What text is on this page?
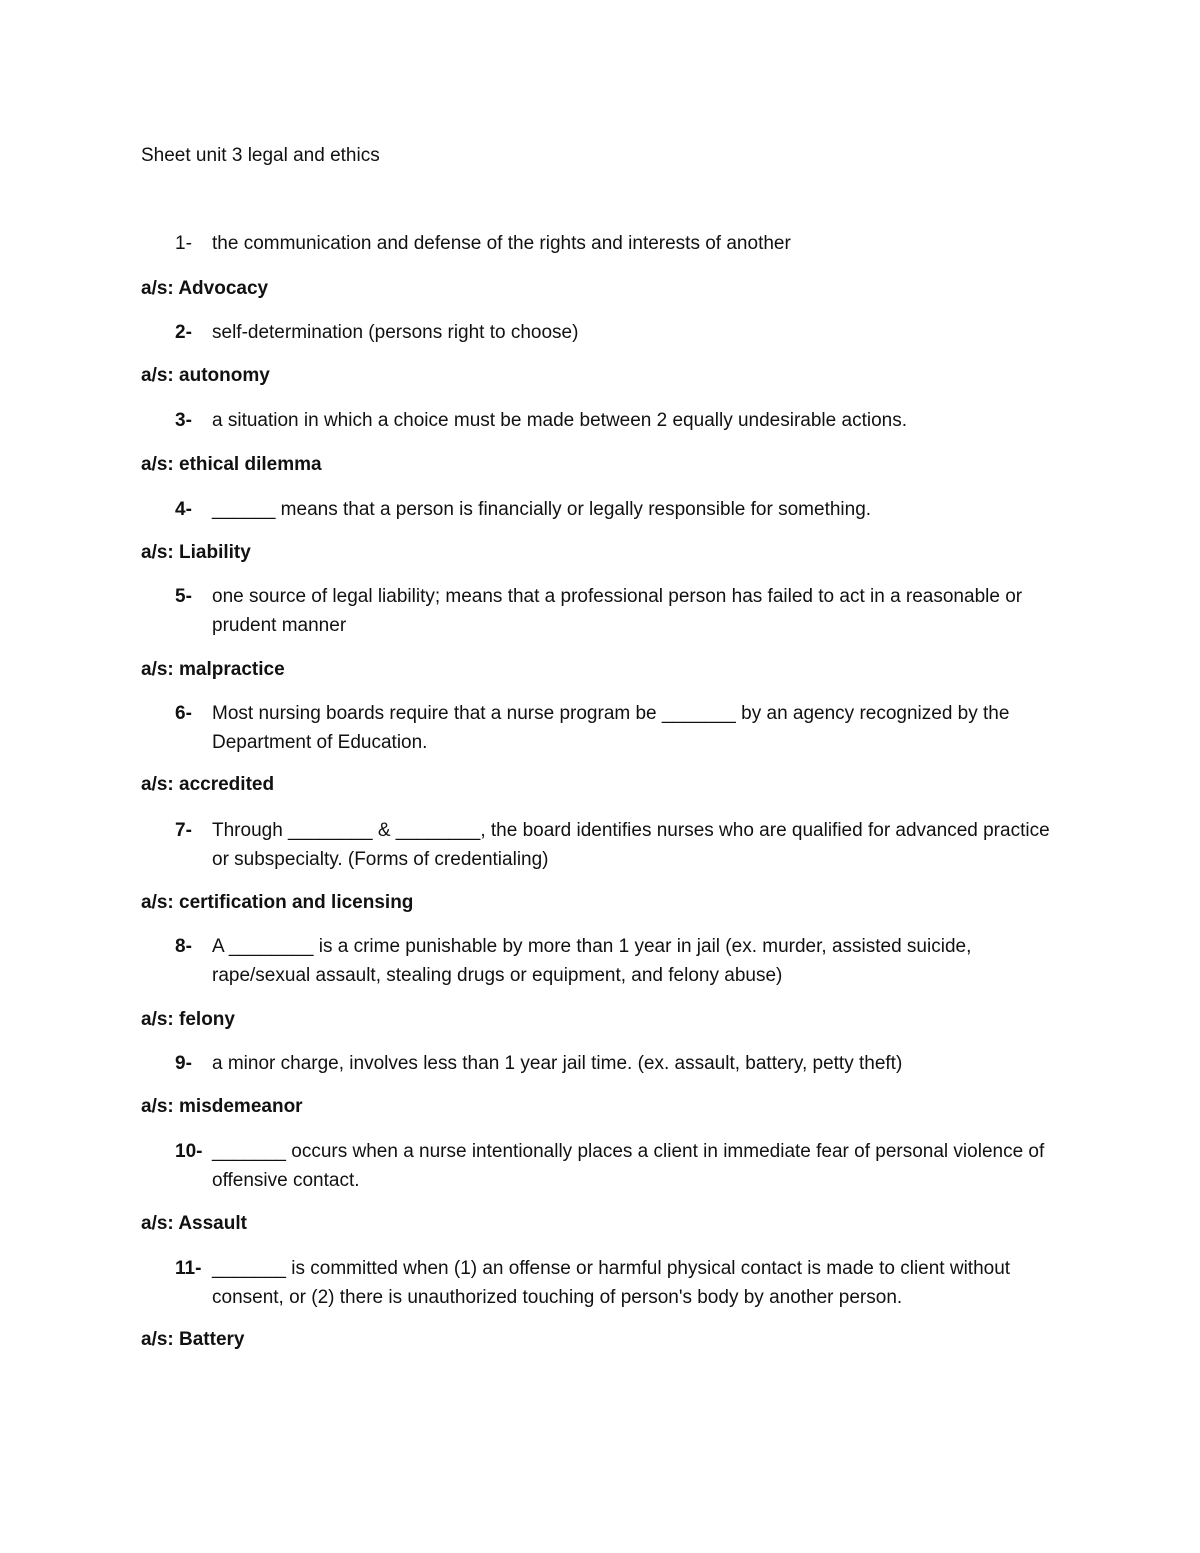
Sheet unit 3 legal and ethics
1- the communication and defense of the rights and interests of another
a/s: Advocacy
2- self-determination (persons right to choose)
a/s: autonomy
3- a situation in which a choice must be made between 2 equally undesirable actions.
a/s: ethical dilemma
4- ______ means that a person is financially or legally responsible for something.
a/s: Liability
5- one source of legal liability; means that a professional person has failed to act in a reasonable or prudent manner
a/s: malpractice
6- Most nursing boards require that a nurse program be _______ by an agency recognized by the Department of Education.
a/s: accredited
7- Through ________ & ________, the board identifies nurses who are qualified for advanced practice or subspecialty. (Forms of credentialing)
a/s: certification and licensing
8- A ________ is a crime punishable by more than 1 year in jail (ex. murder, assisted suicide, rape/sexual assault, stealing drugs or equipment, and felony abuse)
a/s: felony
9- a minor charge, involves less than 1 year jail time. (ex. assault, battery, petty theft)
a/s: misdemeanor
10- _______ occurs when a nurse intentionally places a client in immediate fear of personal violence of offensive contact.
a/s: Assault
11- _______ is committed when (1) an offense or harmful physical contact is made to client without consent, or (2) there is unauthorized touching of person's body by another person.
a/s: Battery
